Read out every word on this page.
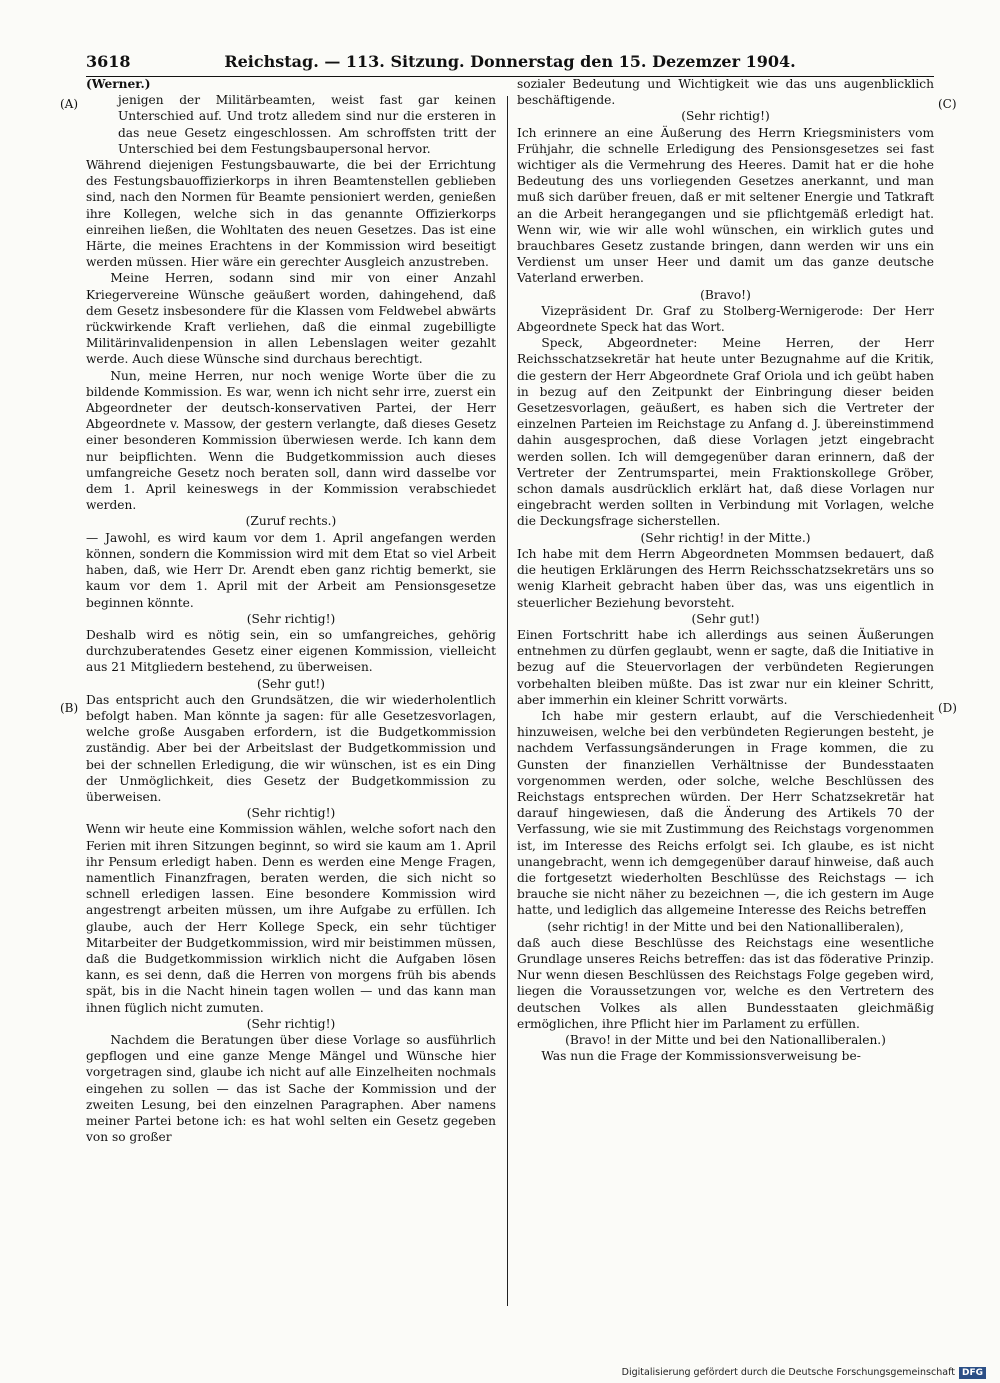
3618	Reichstag. — 113. Sitzung. Donnerstag den 15. Dezemzer 1904.
(A)
(B)
(C)
(D)

(Werner.)

jenigen der Militärbeamten, weist fast gar keinen Unterschied auf. Und trotz alledem sind nur die ersteren in das neue Gesetz eingeschlossen. Am schroffsten tritt der Unterschied bei dem Festungsbaupersonal hervor.

Während diejenigen Festungsbauwarte, die bei der Errichtung des Festungsbauoffizierkorps in ihren Beamtenstellen geblieben sind, nach den Normen für Beamte pensioniert werden, genießen ihre Kollegen, welche sich in das genannte Offizierkorps einreihen ließen, die Wohltaten des neuen Gesetzes. Das ist eine Härte, die meines Erachtens in der Kommission wird beseitigt werden müssen. Hier wäre ein gerechter Ausgleich anzustreben.

Meine Herren, sodann sind mir von einer Anzahl Kriegervereine Wünsche geäußert worden, dahingehend, daß dem Gesetz insbesondere für die Klassen vom Feldwebel abwärts rückwirkende Kraft verliehen, daß die einmal zugebilligte Militärinvalidenpension in allen Lebenslagen weiter gezahlt werde. Auch diese Wünsche sind durchaus berechtigt.

Nun, meine Herren, nur noch wenige Worte über die zu bildende Kommission. Es war, wenn ich nicht sehr irre, zuerst ein Abgeordneter der deutsch-konservativen Partei, der Herr Abgeordnete v. Massow, der gestern verlangte, daß dieses Gesetz einer besonderen Kommission überwiesen werde. Ich kann dem nur beipflichten. Wenn die Budgetkommission auch dieses umfangreiche Gesetz noch beraten soll, dann wird dasselbe vor dem 1. April keineswegs in der Kommission verabschiedet werden.

(Zuruf rechts.)

— Jawohl, es wird kaum vor dem 1. April angefangen werden können, sondern die Kommission wird mit dem Etat so viel Arbeit haben, daß, wie Herr Dr. Arendt eben ganz richtig bemerkt, sie kaum vor dem 1. April mit der Arbeit am Pensionsgesetze beginnen könnte.

(Sehr richtig!)

Deshalb wird es nötig sein, ein so umfangreiches, gehörig durchzuberatendes Gesetz einer eigenen Kommission, vielleicht aus 21 Mitgliedern bestehend, zu überweisen.

(Sehr gut!)

Das entspricht auch den Grundsätzen, die wir wiederholentlich befolgt haben. Man könnte ja sagen: für alle Gesetzesvorlagen, welche große Ausgaben erfordern, ist die Budgetkommission zuständig. Aber bei der Arbeitslast der Budgetkommission und bei der schnellen Erledigung, die wir wünschen, ist es ein Ding der Unmöglichkeit, dies Gesetz der Budgetkommission zu überweisen.

(Sehr richtig!)

Wenn wir heute eine Kommission wählen, welche sofort nach den Ferien mit ihren Sitzungen beginnt, so wird sie kaum am 1. April ihr Pensum erledigt haben. Denn es werden eine Menge Fragen, namentlich Finanzfragen, beraten werden, die sich nicht so schnell erledigen lassen. Eine besondere Kommission wird angestrengt arbeiten müssen, um ihre Aufgabe zu erfüllen. Ich glaube, auch der Herr Kollege Speck, ein sehr tüchtiger Mitarbeiter der Budgetkommission, wird mir beistimmen müssen, daß die Budgetkommission wirklich nicht die Aufgaben lösen kann, es sei denn, daß die Herren von morgens früh bis abends spät, bis in die Nacht hinein tagen wollen — und das kann man ihnen füglich nicht zumuten.

(Sehr richtig!)

Nachdem die Beratungen über diese Vorlage so ausführlich gepflogen und eine ganze Menge Mängel und Wünsche hier vorgetragen sind, glaube ich nicht auf alle Einzelheiten nochmals eingehen zu sollen — das ist Sache der Kommission und der zweiten Lesung, bei den einzelnen Paragraphen. Aber namens meiner Partei betone ich: es hat wohl selten ein Gesetz gegeben von so großer

sozialer Bedeutung und Wichtigkeit wie das uns augenblicklich beschäftigende.

(Sehr richtig!)

Ich erinnere an eine Äußerung des Herrn Kriegsministers vom Frühjahr, die schnelle Erledigung des Pensionsgesetzes sei fast wichtiger als die Vermehrung des Heeres. Damit hat er die hohe Bedeutung des uns vorliegenden Gesetzes anerkannt, und man muß sich darüber freuen, daß er mit seltener Energie und Tatkraft an die Arbeit herangegangen und sie pflichtgemäß erledigt hat. Wenn wir, wie wir alle wohl wünschen, ein wirklich gutes und brauchbares Gesetz zustande bringen, dann werden wir uns ein Verdienst um unser Heer und damit um das ganze deutsche Vaterland erwerben.

(Bravo!)

Vizepräsident Dr. Graf zu Stolberg-Wernigerode: Der Herr Abgeordnete Speck hat das Wort.

Speck, Abgeordneter: Meine Herren, der Herr Reichsschatzsekretär hat heute unter Bezugnahme auf die Kritik, die gestern der Herr Abgeordnete Graf Oriola und ich geübt haben in bezug auf den Zeitpunkt der Einbringung dieser beiden Gesetzesvorlagen, geäußert, es haben sich die Vertreter der einzelnen Parteien im Reichstage zu Anfang d. J. übereinstimmend dahin ausgesprochen, daß diese Vorlagen jetzt eingebracht werden sollen. Ich will demgegenüber daran erinnern, daß der Vertreter der Zentrumspartei, mein Fraktionskollege Gröber, schon damals ausdrücklich erklärt hat, daß diese Vorlagen nur eingebracht werden sollten in Verbindung mit Vorlagen, welche die Deckungsfrage sicherstellen.

(Sehr richtig! in der Mitte.)

Ich habe mit dem Herrn Abgeordneten Mommsen bedauert, daß die heutigen Erklärungen des Herrn Reichsschatzsekretärs uns so wenig Klarheit gebracht haben über das, was uns eigentlich in steuerlicher Beziehung bevorsteht.

(Sehr gut!)

Einen Fortschritt habe ich allerdings aus seinen Äußerungen entnehmen zu dürfen geglaubt, wenn er sagte, daß die Initiative in bezug auf die Steuervorlagen der verbündeten Regierungen vorbehalten bleiben müßte. Das ist zwar nur ein kleiner Schritt, aber immerhin ein kleiner Schritt vorwärts.

Ich habe mir gestern erlaubt, auf die Verschiedenheit hinzuweisen, welche bei den verbündeten Regierungen besteht, je nachdem Verfassungsänderungen in Frage kommen, die zu Gunsten der finanziellen Verhältnisse der Bundesstaaten vorgenommen werden, oder solche, welche Beschlüssen des Reichstags entsprechen würden. Der Herr Schatzsekretär hat darauf hingewiesen, daß die Änderung des Artikels 70 der Verfassung, wie sie mit Zustimmung des Reichstags vorgenommen ist, im Interesse des Reichs erfolgt sei. Ich glaube, es ist nicht unangebracht, wenn ich demgegenüber darauf hinweise, daß auch die fortgesetzt wiederholten Beschlüsse des Reichstags — ich brauche sie nicht näher zu bezeichnen —, die ich gestern im Auge hatte, und lediglich das allgemeine Interesse des Reichs betreffen

(sehr richtig! in der Mitte und bei den Nationalliberalen),

daß auch diese Beschlüsse des Reichstags eine wesentliche Grundlage unseres Reichs betreffen: das ist das föderative Prinzip. Nur wenn diesen Beschlüssen des Reichstags Folge gegeben wird, liegen die Voraussetzungen vor, welche es den Vertretern des deutschen Volkes als allen Bundesstaaten gleichmäßig ermöglichen, ihre Pflicht hier im Parlament zu erfüllen.

(Bravo! in der Mitte und bei den Nationalliberalen.)

Was nun die Frage der Kommissionsverweisung be-

Digitalisierung gefördert durch die Deutsche Forschungsgemeinschaft DFG
